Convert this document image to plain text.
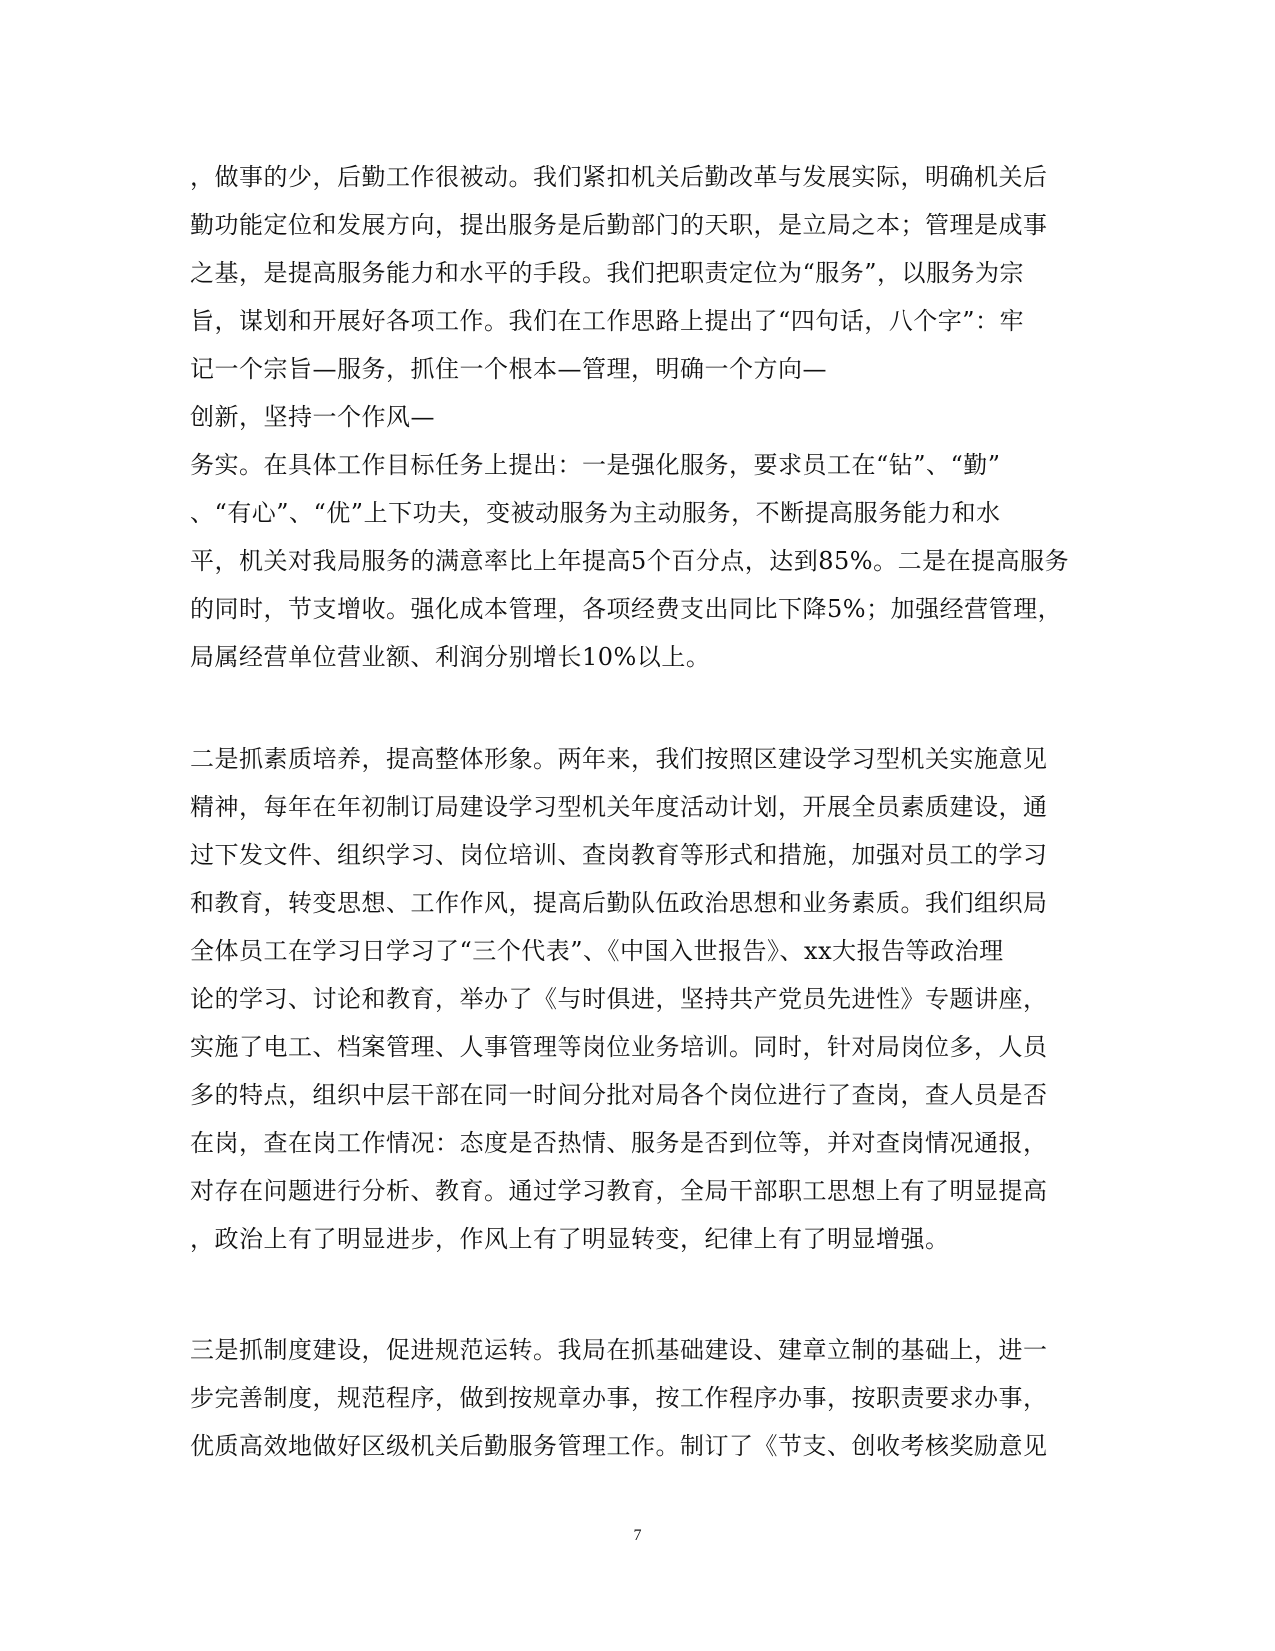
，做事的少，后勤工作很被动。我们紧扣机关后勤改革与发展实际，明确机关后
勤功能定位和发展方向，提出服务是后勤部门的天职，是立局之本；管理是成事
之基，是提高服务能力和水平的手段。我们把职责定位为“服务”，以服务为宗
旨，谋划和开展好各项工作。我们在工作思路上提出了“四句话，八个字”：牢
记一个宗旨—服务，抓住一个根本—管理，明确一个方向—
创新，坚持一个作风—
务实。在具体工作目标任务上提出：一是强化服务，要求员工在“钻”、“勤”
、“有心”、“优”上下功夫，变被动服务为主动服务，不断提高服务能力和水
平，机关对我局服务的满意率比上年提高5个百分点，达到85%。二是在提高服务
的同时，节支增收。强化成本管理，各项经费支出同比下降5%；加强经营管理，
局属经营单位营业额、利润分别增长10%以上。
二是抓素质培养，提高整体形象。两年来，我们按照区建设学习型机关实施意见
精神，每年在年初制订局建设学习型机关年度活动计划，开展全员素质建设，通
过下发文件、组织学习、岗位培训、查岗教育等形式和措施，加强对员工的学习
和教育，转变思想、工作作风，提高后勤队伍政治思想和业务素质。我们组织局
全体员工在学习日学习了“三个代表”、《中国入世报告》、xx大报告等政治理
论的学习、讨论和教育，举办了《与时俱进，坚持共产党员先进性》专题讲座，
实施了电工、档案管理、人事管理等岗位业务培训。同时，针对局岗位多，人员
多的特点，组织中层干部在同一时间分批对局各个岗位进行了查岗，查人员是否
在岗，查在岗工作情况：态度是否热情、服务是否到位等，并对查岗情况通报，
对存在问题进行分析、教育。通过学习教育，全局干部职工思想上有了明显提高
，政治上有了明显进步，作风上有了明显转变，纪律上有了明显增强。
三是抓制度建设，促进规范运转。我局在抓基础建设、建章立制的基础上，进一
步完善制度，规范程序，做到按规章办事，按工作程序办事，按职责要求办事，
优质高效地做好区级机关后勤服务管理工作。制订了《节支、创收考核奖励意见
7
